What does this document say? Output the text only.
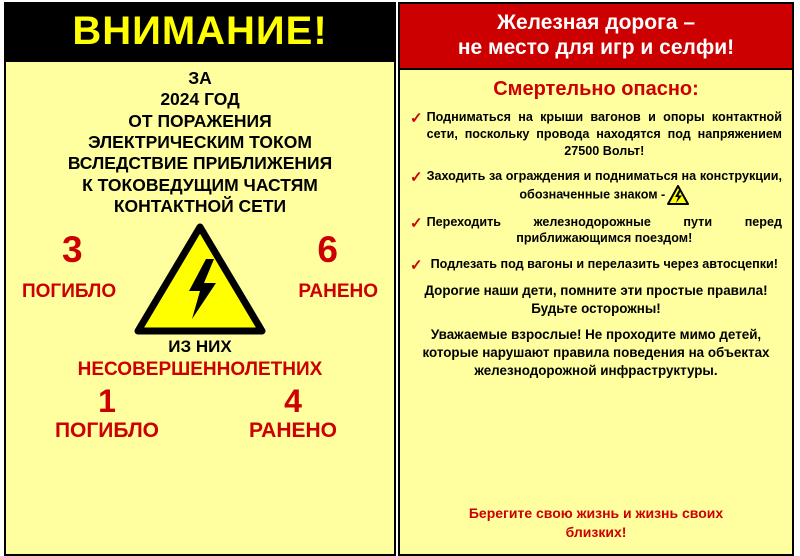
ВНИМАНИЕ!
ЗА
2024 ГОД
ОТ ПОРАЖЕНИЯ
ЭЛЕКТРИЧЕСКИМ ТОКОМ
ВСЛЕДСТВИЕ ПРИБЛИЖЕНИЯ
К ТОКОВЕДУЩИМ ЧАСТЯМ
КОНТАКТНОЙ СЕТИ
3	6
ПОГИБЛО	РАНЕНО
ИЗ НИХ
НЕСОВЕРШЕННОЛЕТНИХ
1
ПОГИБЛО
4
РАНЕНО
Железная дорога –
не место для игр и селфи!
Смертельно опасно:
✓ Подниматься на крыши вагонов и опоры контактной сети, поскольку провода находятся под напряжением 27500 Вольт!
✓ Заходить за ограждения и подниматься на конструкции, обозначенные знаком -
✓ Переходить железнодорожные пути перед приближающимся поездом!
✓ Подлезать под вагоны и перелазить через автосцепки!
Дорогие наши дети, помните эти простые правила! Будьте осторожны!
Уважаемые взрослые! Не проходите мимо детей, которые нарушают правила поведения на объектах железнодорожной инфраструктуры.
Берегите свою жизнь и жизнь своих
близких!
